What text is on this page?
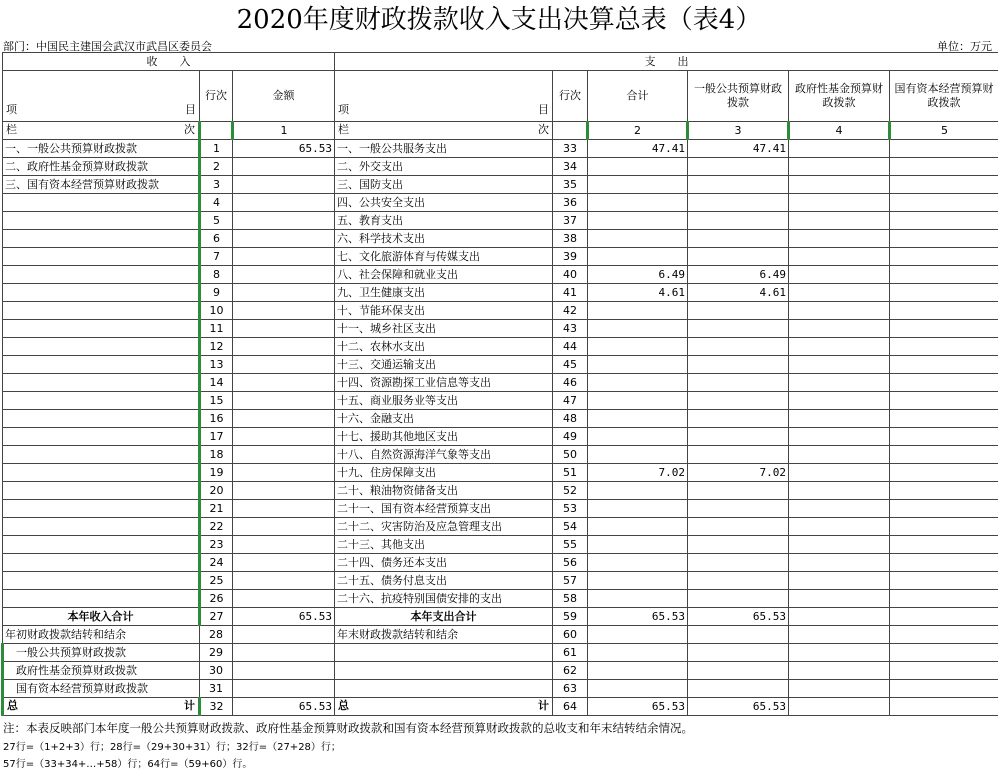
2020年度财政拨款收入支出决算总表（表4）
部门：中国民主建国会武汉市武昌区委员会	单位：万元
收　　入			支　　出					

项 目	行次	金额	项 目	行次	合计	一般公共预算财政拨款	政府性基金预算财政拨款	国有资本经营预算财政拨款

栏 次		1	栏 次		2	3	4	5
一、一般公共预算财政拨款	1	65.53	一、一般公共服务支出	33	47.41	47.41		
二、政府性基金预算财政拨款	2		二、外交支出	34				
三、国有资本经营预算财政拨款	3		三、国防支出	35				
	4		四、公共安全支出	36				
	5		五、教育支出	37				
	6		六、科学技术支出	38				
	7		七、文化旅游体育与传媒支出	39				
	8		八、社会保障和就业支出	40	6.49	6.49		
	9		九、卫生健康支出	41	4.61	4.61		
	10		十、节能环保支出	42				
	11		十一、城乡社区支出	43				
	12		十二、农林水支出	44				
	13		十三、交通运输支出	45				
	14		十四、资源勘探工业信息等支出	46				
	15		十五、商业服务业等支出	47				
	16		十六、金融支出	48				
	17		十七、援助其他地区支出	49				
	18		十八、自然资源海洋气象等支出	50				
	19		十九、住房保障支出	51	7.02	7.02		
	20		二十、粮油物资储备支出	52				
	21		二十一、国有资本经营预算支出	53				
	22		二十二、灾害防治及应急管理支出	54				
	23		二十三、其他支出	55				
	24		二十四、债务还本支出	56				
	25		二十五、债务付息支出	57				
	26		二十六、抗疫特别国债安排的支出	58				
本年收入合计	27	65.53	本年支出合计	59	65.53	65.53		
年初财政拨款结转和结余	28		年末财政拨款结转和结余	60				
一般公共预算财政拨款	29			61				
政府性基金预算财政拨款	30			62				
国有资本经营预算财政拨款	31			63				

总 计	32	65.53	总 计	64	65.53	65.53		
注：本表反映部门本年度一般公共预算财政拨款、政府性基金预算财政拨款和国有资本经营预算财政拨款的总收支和年末结转结余情况。
27行=（1+2+3）行；28行=（29+30+31）行；32行=（27+28）行；
57行=（33+34+…+58）行；64行=（59+60）行。
